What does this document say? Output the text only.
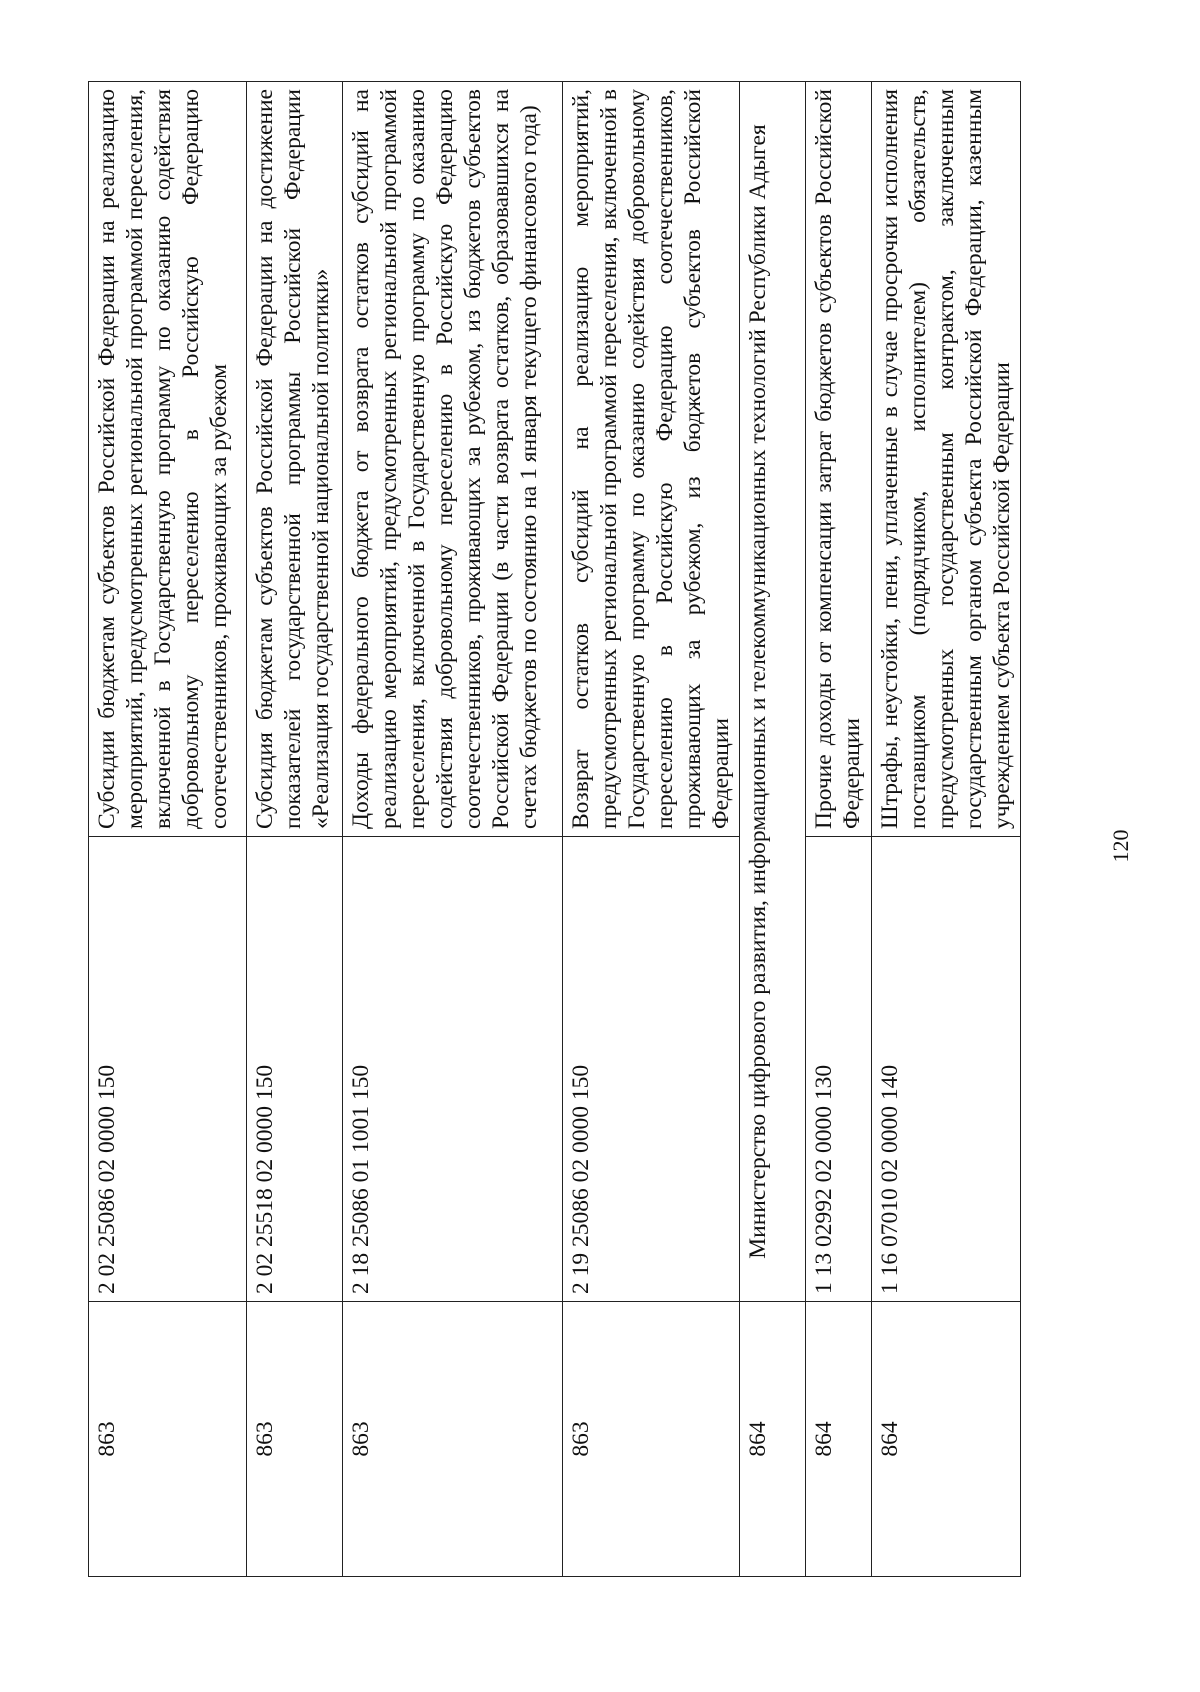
863	2 02 25086 02 0000 150	Субсидии бюджетам субъектов Российской Федерации на реализацию мероприятий, предусмотренных региональной программой переселения, включенной в Государственную программу по оказанию содействия добровольному переселению в Российскую Федерацию соотечественников, проживающих за рубежом
863	2 02 25518 02 0000 150	Субсидия бюджетам субъектов Российской Федерации на достижение показателей государственной программы Российской Федерации «Реализация государственной национальной политики»
863	2 18 25086 01 1001 150	Доходы федерального бюджета от возврата остатков субсидий на реализацию мероприятий, предусмотренных региональной программой переселения, включенной в Государственную программу по оказанию содействия добровольному переселению в Российскую Федерацию соотечественников, проживающих за рубежом, из бюджетов субъектов Российской Федерации (в части возврата остатков, образовавшихся на счетах бюджетов по состоянию на 1 января текущего финансового года)
863	2 19 25086 02 0000 150	Возврат остатков субсидий на реализацию мероприятий, предусмотренных региональной программой переселения, включенной в Государственную программу по оказанию содействия добровольному переселению в Российскую Федерацию соотечественников, проживающих за рубежом, из бюджетов субъектов Российской Федерации
864	Министерство цифрового развития, информационных и телекоммуникационных технологий Республики Адыгея	
864	1 13 02992 02 0000 130	Прочие доходы от компенсации затрат бюджетов субъектов Российской Федерации
864	1 16 07010 02 0000 140	Штрафы, неустойки, пени, уплаченные в случае просрочки исполнения поставщиком (подрядчиком, исполнителем) обязательств, предусмотренных государственным контрактом, заключенным государственным органом субъекта Российской Федерации, казенным учреждением субъекта Российской Федерации
120
